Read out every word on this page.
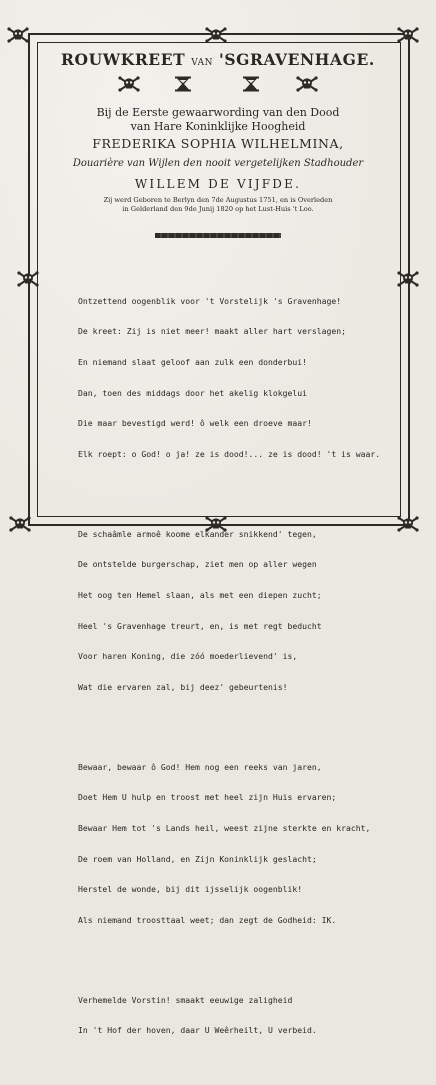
ROUWKREET VAN 'SGRAVENHAGE.
Bij de Eerste gewaarwording van den Dood
van Hare Koninklijke Hoogheid
FREDERIKA SOPHIA WILHELMINA,
Douarière van Wijlen den nooit vergetelijken Stadhouder
WILLEM DE VIJFDE.
Zij werd Geboren te Berlyn den 7de Augustus 1751, en is Overleden
in Gelderland den 9de Junij 1820 op het Lust-Huis 't Loo.

Ontzettend oogenblik voor 't Vorstelijk 's Gravenhage!

De kreet: Zij is niet meer! maakt aller hart verslagen;

En niemand slaat geloof aan zulk een donderbui!

Dan, toen des middags door het akelig klokgelui

Die maar bevestigd werd! ô welk een droeve maar!

Elk roept: o God! o ja! ze is dood!... ze is dood! 't is waar.

De schaâmle armoê koome elkander snikkend' tegen,

De ontstelde burgerschap, ziet men op aller wegen

Het oog ten Hemel slaan, als met een diepen zucht;

Heel 's Gravenhage treurt, en, is met regt beducht

Voor haren Koning, die zóó moederlievend' is,

Wat die ervaren zal, bij deez' gebeurtenis!

Bewaar, bewaar ô God! Hem nog een reeks van jaren,

Doet Hem U hulp en troost met heel zijn Huis ervaren;

Bewaar Hem tot 's Lands heil, weest zijne sterkte en kracht,

De roem van Holland, en Zijn Koninklijk geslacht;

Herstel de wonde, bij dit ijsselijk oogenblik!

Als niemand troosttaal weet; dan zegt de Godheid: IK.

Verhemelde Vorstin! smaakt eeuwige zaligheid

In 't Hof der hoven, daar U Weêrheilt, U verbeid.
